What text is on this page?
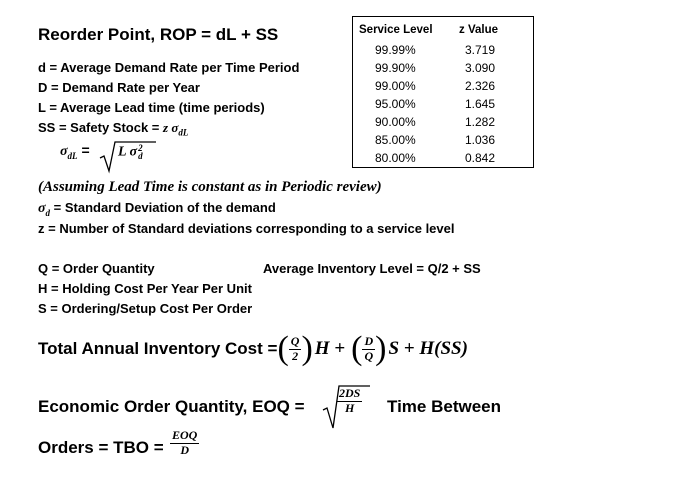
Reorder Point, ROP = dL + SS
d = Average Demand Rate per Time Period
D = Demand Rate per Year
L = Average Lead time (time periods)
SS = Safety Stock = z $\sigma_{dL}$
$\sigma_{dL} = L$ σ 2
d
(Assuming Lead Time is constant as in Periodic review)
$\sigma_d$ = Standard Deviation of the demand
z = Number of Standard deviations corresponding to a service level
Q = Order Quantity	Average Inventory Level = Q/2 + SS
H = Holding Cost Per Year Per Unit
S = Ordering/Setup Cost Per Order
Total Annual Inventory Cost = ( $\frac{Q}{2}$ ) H + ( $\frac{D}{Q}$ ) S + H(SS)
Economic Order Quantity, EOQ =	$\frac{2DS}{H}$ Time Between
Orders = TBO =
EOQ
D
Service Level z Value
99.99%	3.719
99.90%	3.090
99.00%	2.326
95.00%	1.645
90.00%	1.282
85.00%	1.036
80.00%	0.842
